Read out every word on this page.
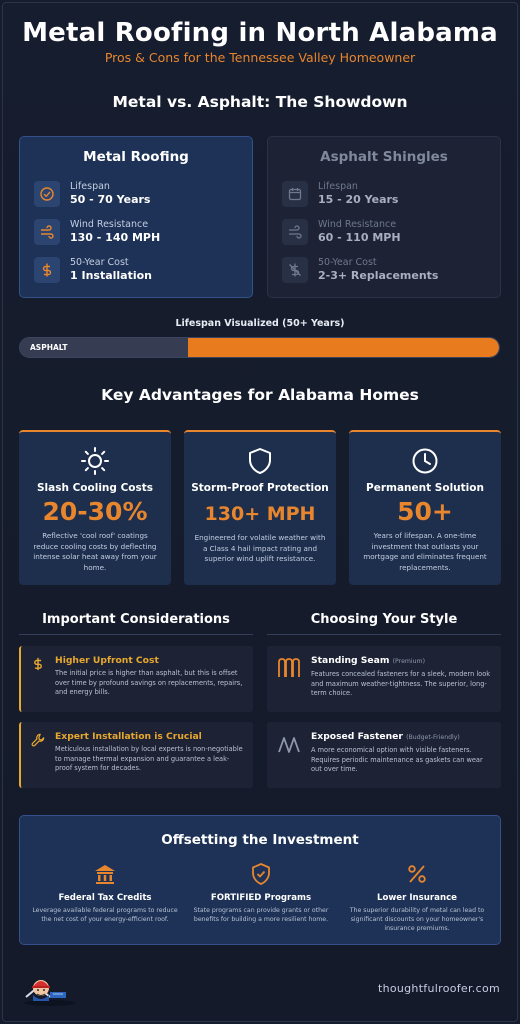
Metal Roofing in North Alabama
Pros & Cons for the Tennessee Valley Homeowner
Metal vs. Asphalt: The Showdown
Metal Roofing
Lifespan
50 - 70 Years
Wind Resistance
130 - 140 MPH
50-Year Cost
1 Installation
Asphalt Shingles
Lifespan
15 - 20 Years
Wind Resistance
60 - 110 MPH
50-Year Cost
2-3+ Replacements
Lifespan Visualized (50+ Years)
ASPHALT
Key Advantages for Alabama Homes
Slash Cooling Costs
20-30%
Reflective 'cool roof' coatings reduce cooling costs by deflecting intense solar heat away from your home.
Storm-Proof Protection
130+ MPH
Engineered for volatile weather with a Class 4 hail impact rating and superior wind uplift resistance.
Permanent Solution
50+
Years of lifespan. A one-time investment that outlasts your mortgage and eliminates frequent replacements.
Important Considerations	Choosing Your Style
Higher Upfront Cost
The initial price is higher than asphalt, but this is offset over time by profound savings on replacements, repairs, and energy bills.
Expert Installation is Crucial
Meticulous installation by local experts is non-negotiable to manage thermal expansion and guarantee a leak-proof system for decades.
Standing Seam (Premium)
Features concealed fasteners for a sleek, modern look and maximum weather-tightness. The superior, long-term choice.
Exposed Fastener (Budget-Friendly)
A more economical option with visible fasteners. Requires periodic maintenance as gaskets can wear out over time.
Offsetting the Investment
Federal Tax Credits
Leverage available federal programs to reduce the net cost of your energy-efficient roof.
FORTIFIED Programs
State programs can provide grants or other benefits for building a more resilient home.
Lower Insurance
The superior durability of metal can lead to significant discounts on your homeowner's insurance premiums.
thoughtfulroofer.com
